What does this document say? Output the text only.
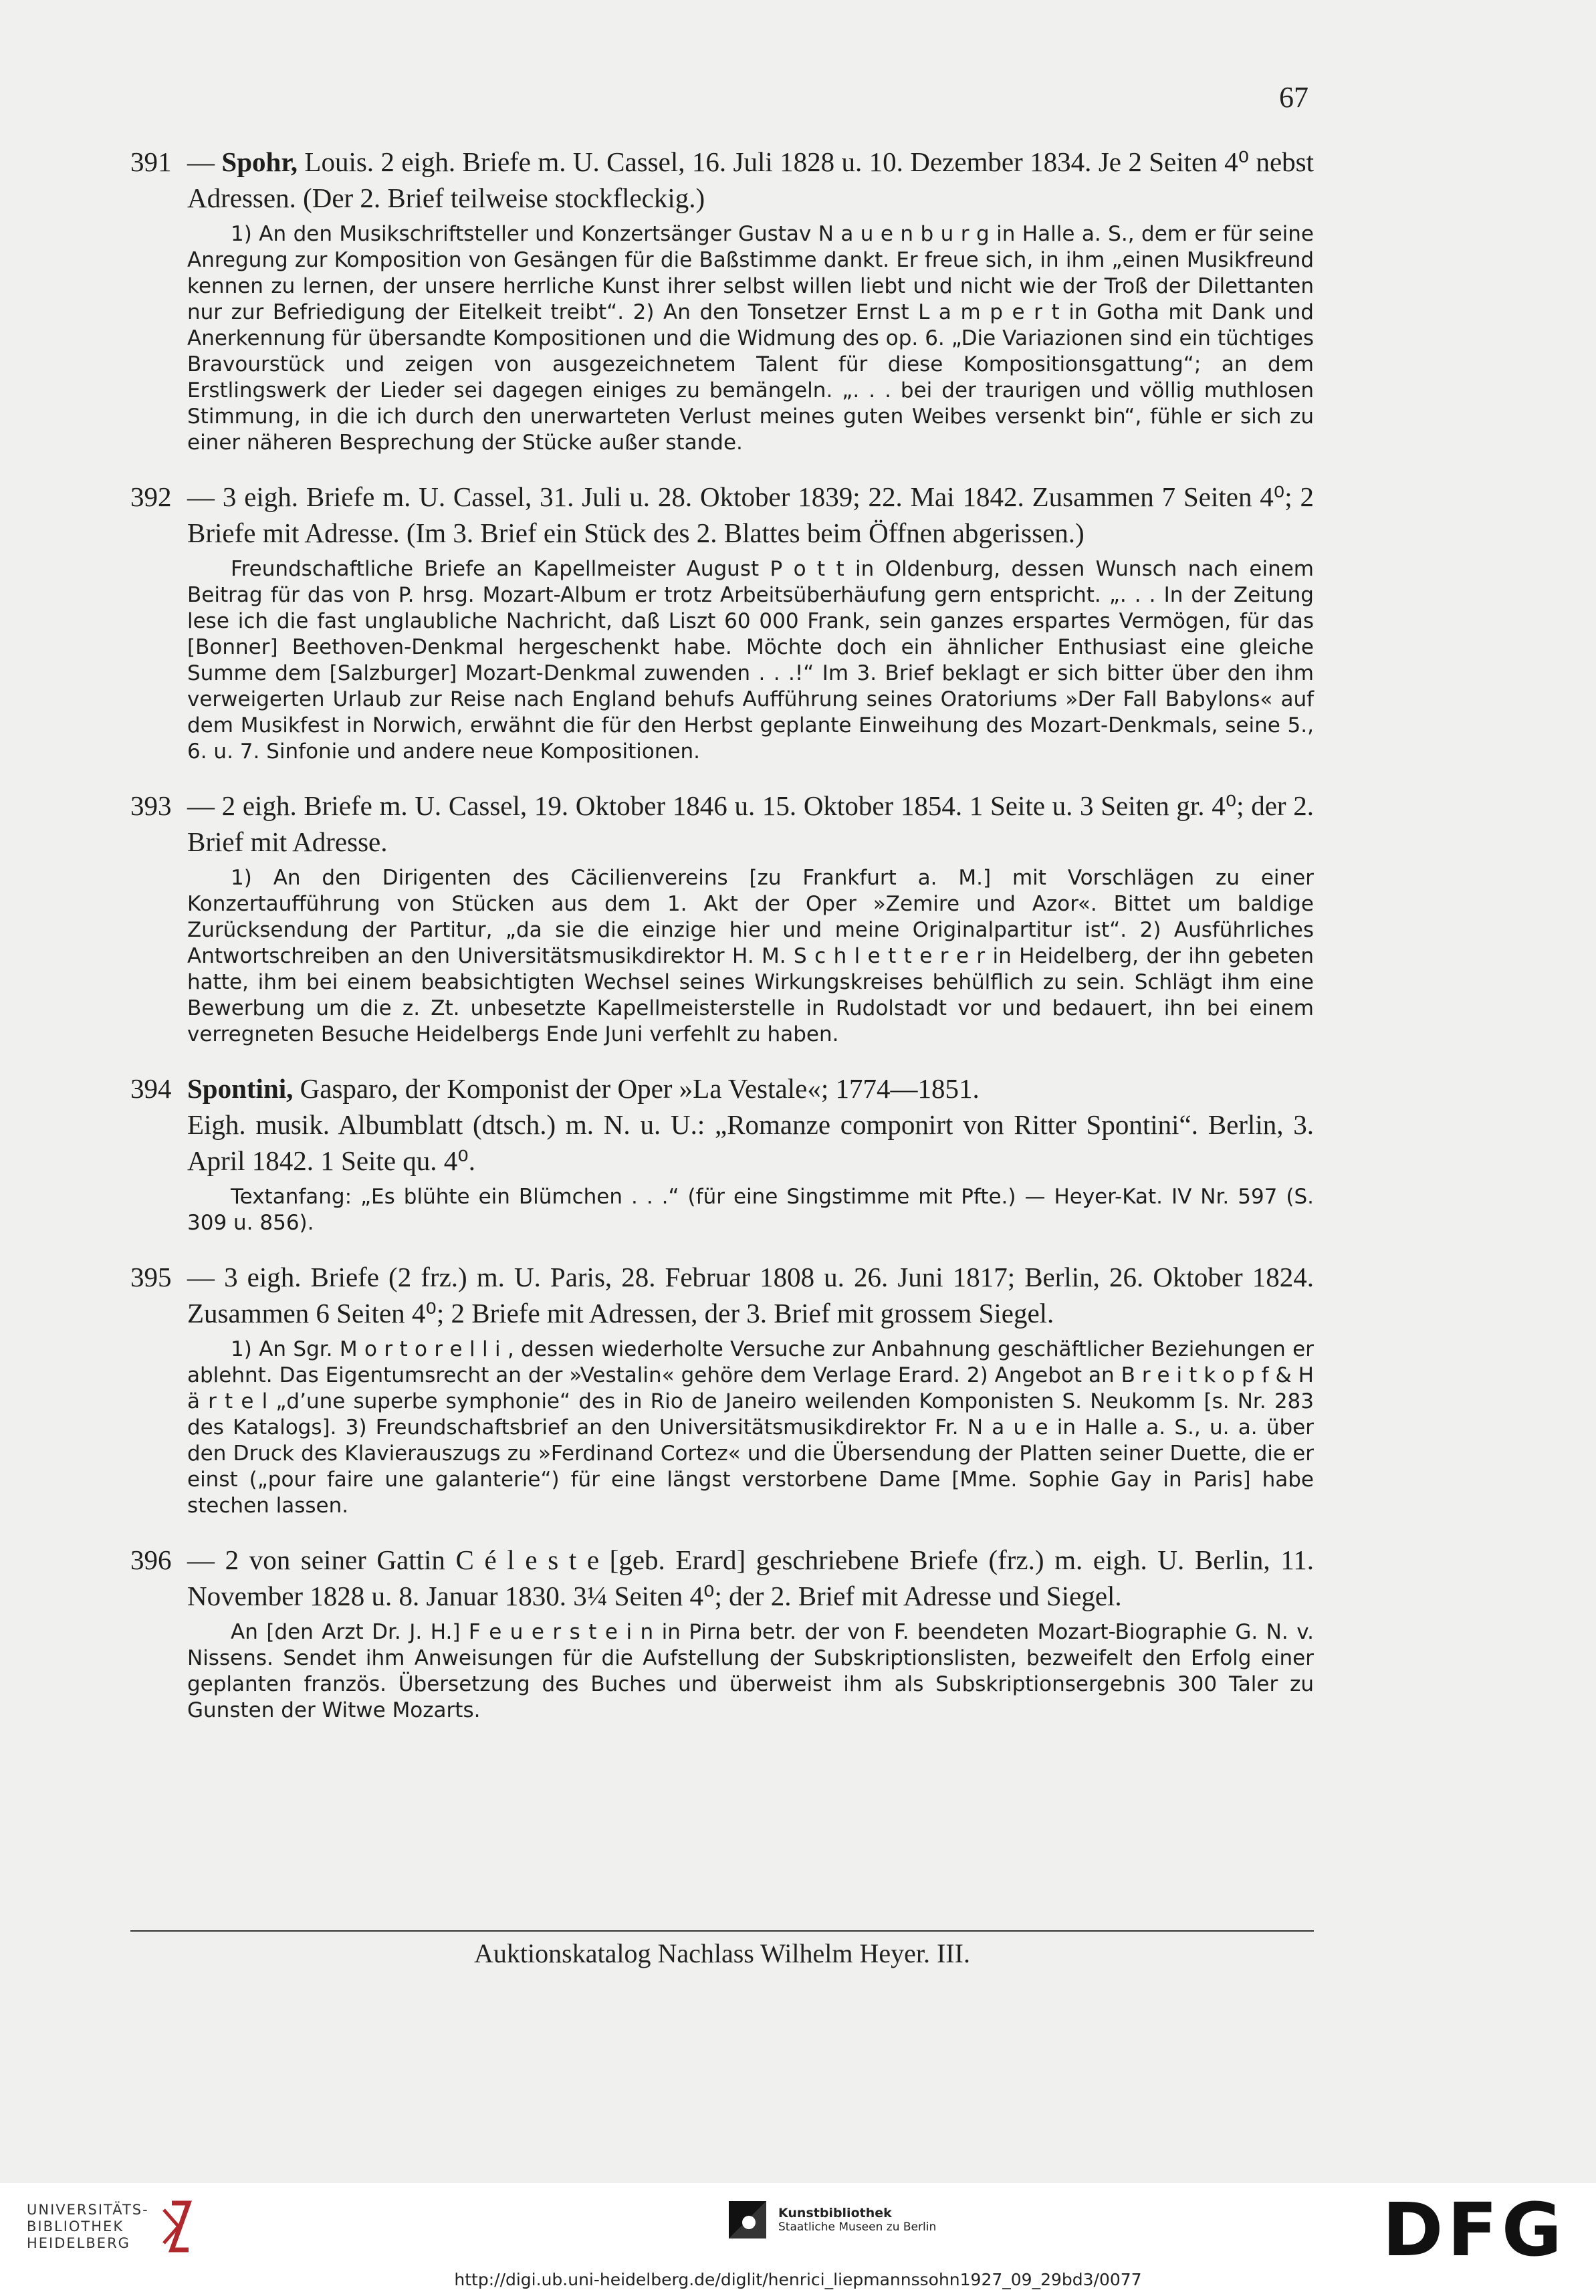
67
391 — Spohr, Louis. 2 eigh. Briefe m. U. Cassel, 16. Juli 1828 u. 10. Dezember 1834. Je 2 Seiten 4⁰ nebst Adressen. (Der 2. Brief teilweise stockfleckig.)
1) An den Musikschriftsteller und Konzertsänger Gustav N a u e n b u r g in Halle a. S., dem er für seine Anregung zur Komposition von Gesängen für die Baßstimme dankt. Er freue sich, in ihm „einen Musikfreund kennen zu lernen, der unsere herrliche Kunst ihrer selbst willen liebt und nicht wie der Troß der Dilettanten nur zur Befriedigung der Eitelkeit treibt“. 2) An den Tonsetzer Ernst L a m p e r t in Gotha mit Dank und Anerkennung für übersandte Kompositionen und die Widmung des op. 6. „Die Variazionen sind ein tüchtiges Bravourstück und zeigen von ausgezeichnetem Talent für diese Kompositionsgattung“; an dem Erstlingswerk der Lieder sei dagegen einiges zu bemängeln. „. . . bei der traurigen und völlig muthlosen Stimmung, in die ich durch den unerwarteten Verlust meines guten Weibes versenkt bin“, fühle er sich zu einer näheren Besprechung der Stücke außer stande.
392 — 3 eigh. Briefe m. U. Cassel, 31. Juli u. 28. Oktober 1839; 22. Mai 1842. Zusammen 7 Seiten 4⁰; 2 Briefe mit Adresse. (Im 3. Brief ein Stück des 2. Blattes beim Öffnen abgerissen.)
Freundschaftliche Briefe an Kapellmeister August P o t t in Oldenburg, dessen Wunsch nach einem Beitrag für das von P. hrsg. Mozart-Album er trotz Arbeitsüberhäufung gern entspricht. „. . . In der Zeitung lese ich die fast unglaubliche Nachricht, daß Liszt 60 000 Frank, sein ganzes erspartes Vermögen, für das [Bonner] Beethoven-Denkmal hergeschenkt habe. Möchte doch ein ähnlicher Enthusiast eine gleiche Summe dem [Salzburger] Mozart-Denkmal zuwenden . . .!“ Im 3. Brief beklagt er sich bitter über den ihm verweigerten Urlaub zur Reise nach England behufs Aufführung seines Oratoriums »Der Fall Babylons« auf dem Musikfest in Norwich, erwähnt die für den Herbst geplante Einweihung des Mozart-Denkmals, seine 5., 6. u. 7. Sinfonie und andere neue Kompositionen.
393 — 2 eigh. Briefe m. U. Cassel, 19. Oktober 1846 u. 15. Oktober 1854. 1 Seite u. 3 Seiten gr. 4⁰; der 2. Brief mit Adresse.
1) An den Dirigenten des Cäcilienvereins [zu Frankfurt a. M.] mit Vorschlägen zu einer Konzertaufführung von Stücken aus dem 1. Akt der Oper »Zemire und Azor«. Bittet um baldige Zurücksendung der Partitur, „da sie die einzige hier und meine Originalpartitur ist“. 2) Ausführliches Antwortschreiben an den Universitätsmusikdirektor H. M. S c h l e t t e r e r in Heidelberg, der ihn gebeten hatte, ihm bei einem beabsichtigten Wechsel seines Wirkungskreises behülflich zu sein. Schlägt ihm eine Bewerbung um die z. Zt. unbesetzte Kapellmeisterstelle in Rudolstadt vor und bedauert, ihn bei einem verregneten Besuche Heidelbergs Ende Juni verfehlt zu haben.
394 Spontini, Gasparo, der Komponist der Oper »La Vestale«; 1774—1851.
Eigh. musik. Albumblatt (dtsch.) m. N. u. U.: „Romanze componirt von Ritter Spontini“. Berlin, 3. April 1842. 1 Seite qu. 4⁰.
Textanfang: „Es blühte ein Blümchen . . .“ (für eine Singstimme mit Pfte.) — Heyer-Kat. IV Nr. 597 (S. 309 u. 856).
395 — 3 eigh. Briefe (2 frz.) m. U. Paris, 28. Februar 1808 u. 26. Juni 1817; Berlin, 26. Oktober 1824. Zusammen 6 Seiten 4⁰; 2 Briefe mit Adressen, der 3. Brief mit grossem Siegel.
1) An Sgr. M o r t o r e l l i , dessen wiederholte Versuche zur Anbahnung geschäftlicher Beziehungen er ablehnt. Das Eigentumsrecht an der »Vestalin« gehöre dem Verlage Erard. 2) Angebot an B r e i t k o p f & H ä r t e l „d’une superbe symphonie“ des in Rio de Janeiro weilenden Komponisten S. Neukomm [s. Nr. 283 des Katalogs]. 3) Freundschaftsbrief an den Universitätsmusikdirektor Fr. N a u e in Halle a. S., u. a. über den Druck des Klavierauszugs zu »Ferdinand Cortez« und die Übersendung der Platten seiner Duette, die er einst („pour faire une galanterie“) für eine längst verstorbene Dame [Mme. Sophie Gay in Paris] habe stechen lassen.
396 — 2 von seiner Gattin C é l e s t e [geb. Erard] geschriebene Briefe (frz.) m. eigh. U. Berlin, 11. November 1828 u. 8. Januar 1830. 3¼ Seiten 4⁰; der 2. Brief mit Adresse und Siegel.
An [den Arzt Dr. J. H.] F e u e r s t e i n in Pirna betr. der von F. beendeten Mozart-Biographie G. N. v. Nissens. Sendet ihm Anweisungen für die Aufstellung der Subskriptionslisten, bezweifelt den Erfolg einer geplanten französ. Übersetzung des Buches und überweist ihm als Subskriptionsergebnis 300 Taler zu Gunsten der Witwe Mozarts.
Auktionskatalog Nachlass Wilhelm Heyer. III.
UNIVERSITÄTS-
BIBLIOTHEK
HEIDELBERG
Kunstbibliothek
Staatliche Museen zu Berlin	DFG
http://digi.ub.uni-heidelberg.de/diglit/henrici_liepmannssohn1927_09_29bd3/0077
